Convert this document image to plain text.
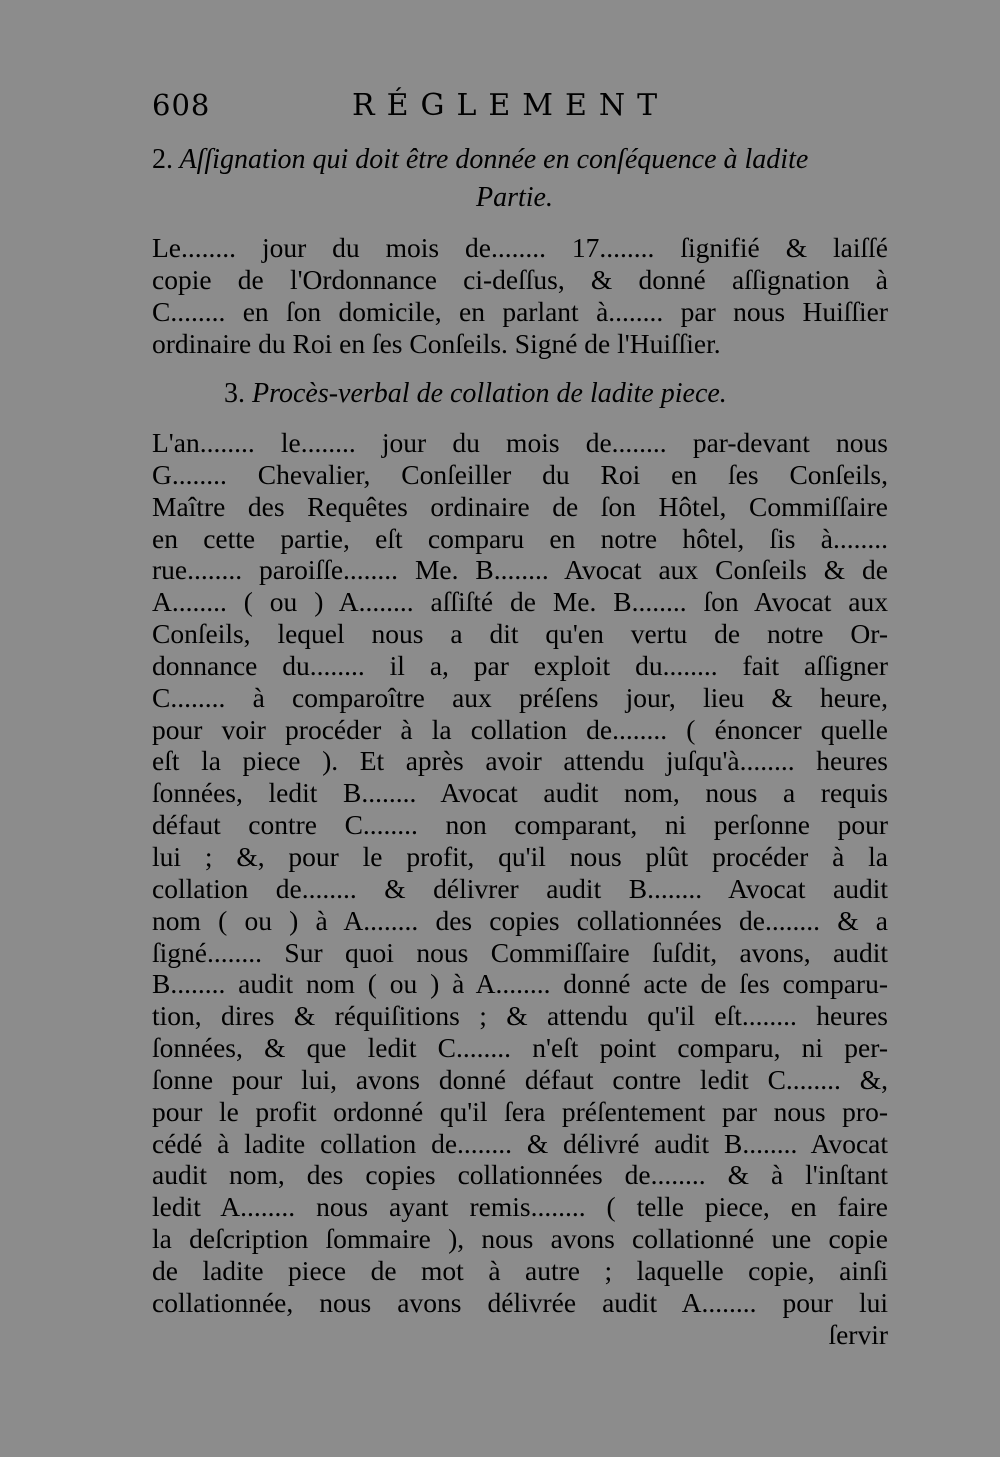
608	RÉGLEMENT
2. Aſſignation qui doit être donnée en conſéquence à ladite
Partie.
Le........ jour du mois de........ 17........ ſignifié & laiſſé
copie de l'Ordonnance ci-deſſus, & donné aſſignation à
C........ en ſon domicile, en parlant à........ par nous Huiſſier
ordinaire du Roi en ſes Conſeils. Signé de l'Huiſſier.
3. Procès-verbal de collation de ladite piece.
L'an........ le........ jour du mois de........ par-devant nous
G........ Chevalier, Conſeiller du Roi en ſes Conſeils,
Maître des Requêtes ordinaire de ſon Hôtel, Commiſſaire
en cette partie, eſt comparu en notre hôtel, ſis à........
rue........ paroiſſe........ Me. B........ Avocat aux Conſeils & de
A........ ( ou ) A........ aſſiſté de Me. B........ ſon Avocat aux
Conſeils, lequel nous a dit qu'en vertu de notre Or-
donnance du........ il a, par exploit du........ fait aſſigner
C........ à comparoître aux préſens jour, lieu & heure,
pour voir procéder à la collation de........ ( énoncer quelle
eſt la piece ). Et après avoir attendu juſqu'à........ heures
ſonnées, ledit B........ Avocat audit nom, nous a requis
défaut contre C........ non comparant, ni perſonne pour
lui ; &, pour le profit, qu'il nous plût procéder à la
collation de........ & délivrer audit B........ Avocat audit
nom ( ou ) à A........ des copies collationnées de........ & a
ſigné........ Sur quoi nous Commiſſaire ſuſdit, avons, audit
B........ audit nom ( ou ) à A........ donné acte de ſes comparu-
tion, dires & réquiſitions ; & attendu qu'il eſt........ heures
ſonnées, & que ledit C........ n'eſt point comparu, ni per-
ſonne pour lui, avons donné défaut contre ledit C........ &,
pour le profit ordonné qu'il ſera préſentement par nous pro-
cédé à ladite collation de........ & délivré audit B........ Avocat
audit nom, des copies collationnées de........ & à l'inſtant
ledit A........ nous ayant remis........ ( telle piece, en faire
la deſcription ſommaire ), nous avons collationné une copie
de ladite piece de mot à autre ; laquelle copie, ainſi
collationnée, nous avons délivrée audit A........ pour lui
ſervir
